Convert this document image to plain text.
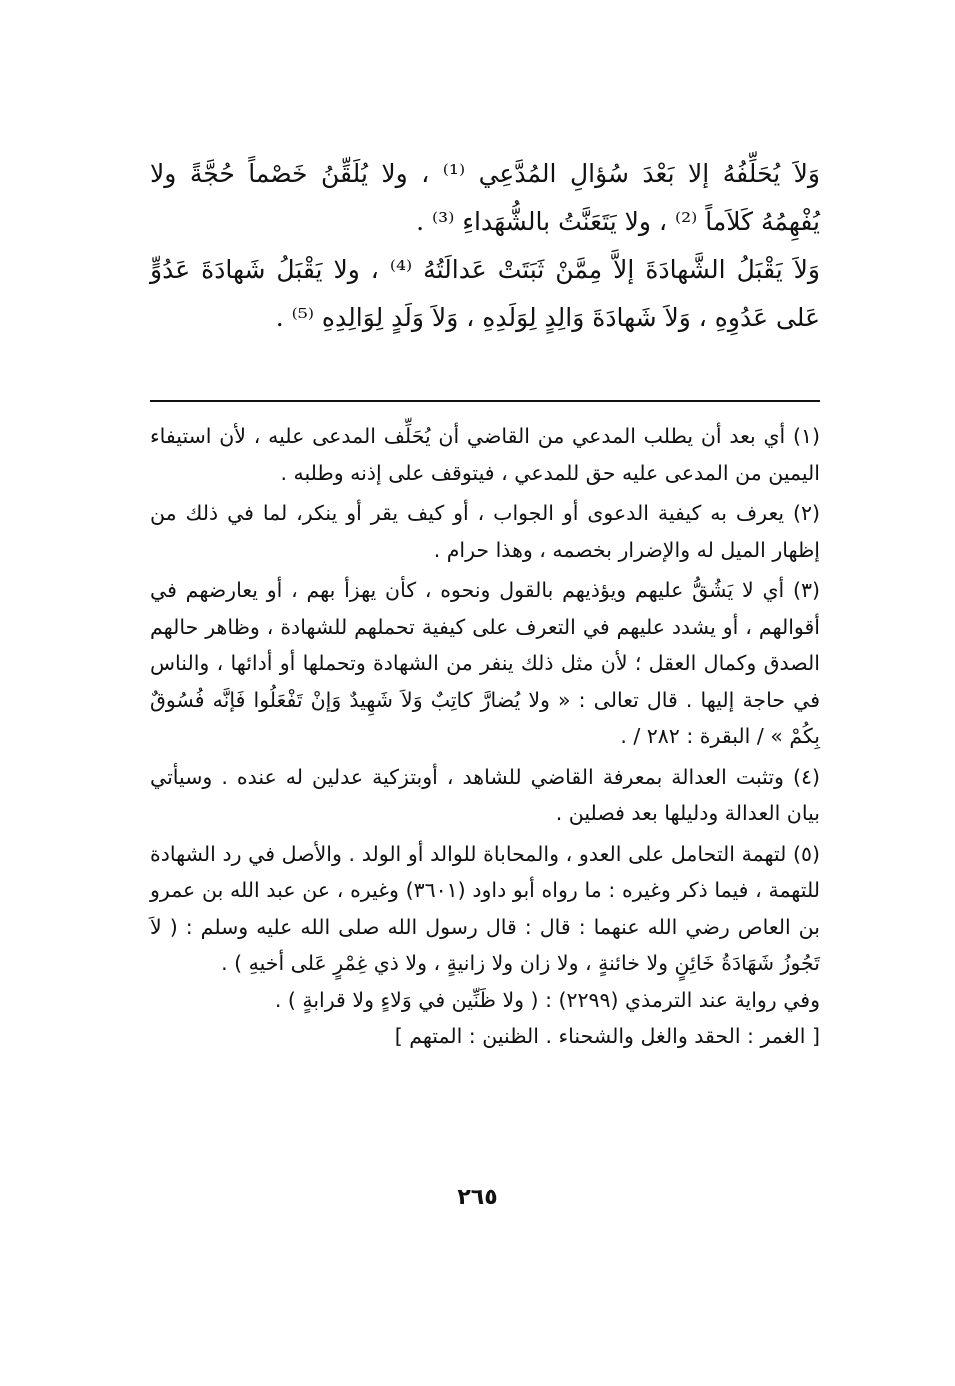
وَلاَ يُحَلِّفُهُ إلا بَعْدَ سُؤالِ المُدَّعِي ⁽¹⁾ ، ولا يُلَقِّنُ خَصْماً حُجَّةً ولا يُفْهِمُهُ كَلاَماً ⁽²⁾ ، ولا يَتَعَنَّتُ بالشُّهَداءِ ⁽³⁾ .

وَلاَ يَقْبَلُ الشَّهادَةَ إلاَّ مِمَّنْ ثَبَتَتْ عَدالَتُهُ ⁽⁴⁾ ، ولا يَقْبَلُ شَهادَةَ عَدُوٍّ عَلى عَدُوِهِ ، وَلاَ شَهادَةَ وَالِدٍ لِوَلَدِهِ ، وَلاَ وَلَدٍ لِوَالِدِهِ ⁽⁵⁾ .

(١) أي بعد أن يطلب المدعي من القاضي أن يُحَلِّف المدعى عليه ، لأن استيفاء اليمين من المدعى عليه حق للمدعي ، فيتوقف على إذنه وطلبه .

(٢) يعرف به كيفية الدعوى أو الجواب ، أو كيف يقر أو ينكر، لما في ذلك من إظهار الميل له والإضرار بخصمه ، وهذا حرام .

(٣) أي لا يَشُقُّ عليهم ويؤذيهم بالقول ونحوه ، كأن يهزأ بهم ، أو يعارضهم في أقوالهم ، أو يشدد عليهم في التعرف على كيفية تحملهم للشهادة ، وظاهر حالهم الصدق وكمال العقل ؛ لأن مثل ذلك ينفر من الشهادة وتحملها أو أدائها ، والناس في حاجة إليها . قال تعالى : « ولا يُضارَّ كاتِبٌ وَلاَ شَهِيدٌ وَإنْ تَفْعَلُوا فَإنَّه فُسُوقٌ بِكُمْ » / البقرة : ٢٨٢ / .

(٤) وتثبت العدالة بمعرفة القاضي للشاهد ، أوبتزكية عدلين له عنده . وسيأتي بيان العدالة ودليلها بعد فصلين .

(٥) لتهمة التحامل على العدو ، والمحاباة للوالد أو الولد . والأصل في رد الشهادة للتهمة ، فيما ذكر وغيره : ما رواه أبو داود (٣٦٠١) وغيره ، عن عبد الله بن عمرو بن العاص رضي الله عنهما : قال : قال رسول الله صلى الله عليه وسلم : ( لاَ تَجُوزُ شَهَادَةُ خَائِنٍ ولا خائنةٍ ، ولا زان ولا زانيةٍ ، ولا ذي غِمْرٍ عَلى أخيهِ ) .

وفي رواية عند الترمذي (٢٢٩٩) : ( ولا ظَنِّين في وَلاءٍ ولا قرابةٍ ) .

[ الغمر : الحقد والغل والشحناء . الظنين : المتهم ]

٢٦٥
